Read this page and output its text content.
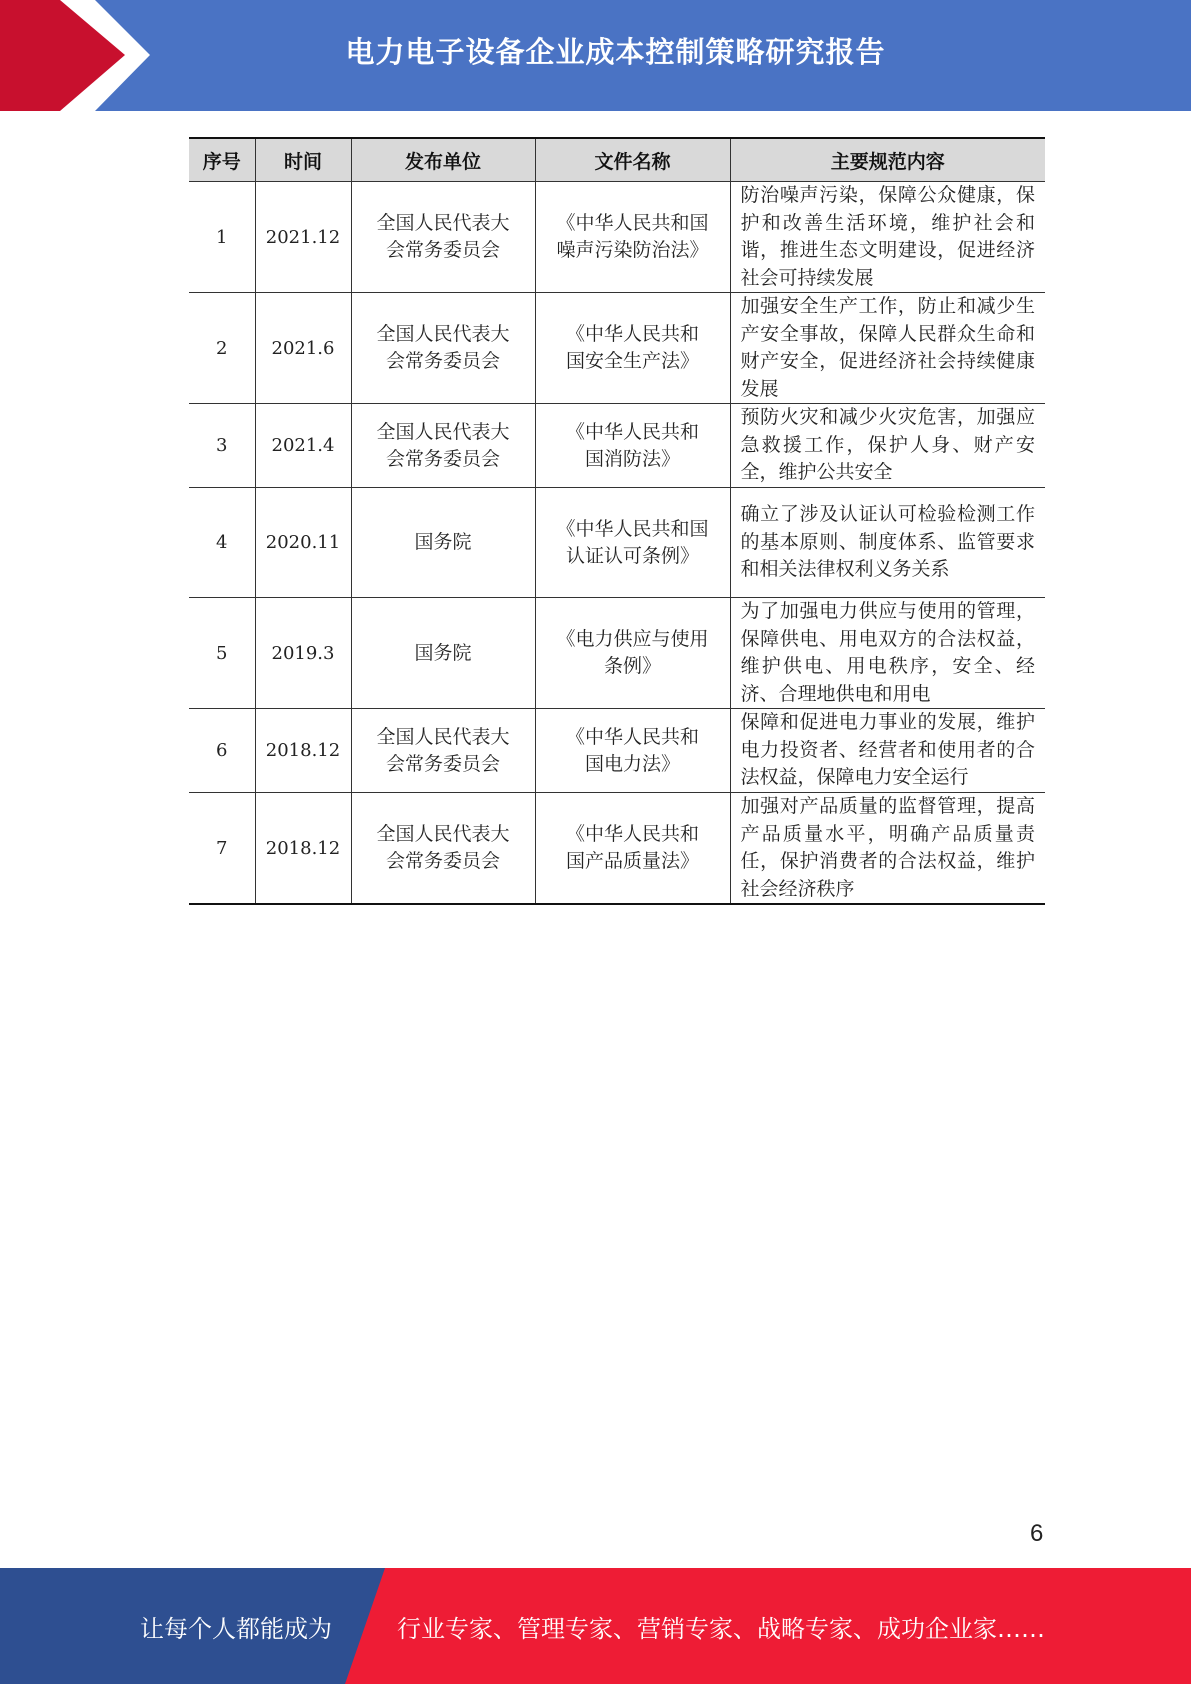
电力电子设备企业成本控制策略研究报告
序号	时间	发布单位	文件名称	主要规范内容
1	2021.12	全国人民代表大会常务委员会	《中华人民共和国噪声污染防治法》	防治噪声污染，保障公众健康，保护和改善生活环境，维护社会和谐，推进生态文明建设，促进经济社会可持续发展
2	2021.6	全国人民代表大会常务委员会	《中华人民共和国安全生产法》	加强安全生产工作，防止和减少生产安全事故，保障人民群众生命和财产安全，促进经济社会持续健康发展
3	2021.4	全国人民代表大会常务委员会	《中华人民共和国消防法》	预防火灾和减少火灾危害，加强应急救援工作，保护人身、财产安全，维护公共安全
4	2020.11	国务院	《中华人民共和国认证认可条例》	确立了涉及认证认可检验检测工作的基本原则、制度体系、监管要求和相关法律权利义务关系
5	2019.3	国务院	《电力供应与使用条例》	为了加强电力供应与使用的管理，保障供电、用电双方的合法权益，维护供电、用电秩序，安全、经济、合理地供电和用电
6	2018.12	全国人民代表大会常务委员会	《中华人民共和国电力法》	保障和促进电力事业的发展，维护电力投资者、经营者和使用者的合法权益，保障电力安全运行
7	2018.12	全国人民代表大会常务委员会	《中华人民共和国产品质量法》	加强对产品质量的监督管理，提高产品质量水平，明确产品质量责任，保护消费者的合法权益，维护社会经济秩序
6
让每个人都能成为	行业专家、管理专家、营销专家、战略专家、成功企业家……
